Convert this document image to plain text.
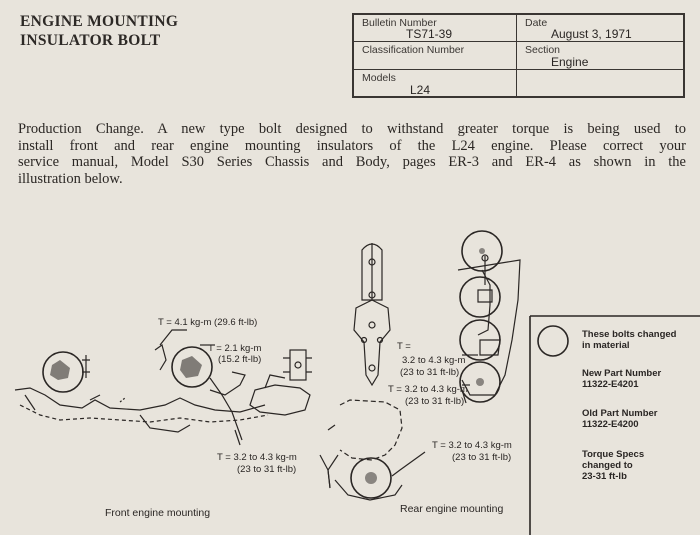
ENGINE MOUNTING
INSULATOR BOLT
Bulletin Number
TS71-39
Date
August 3, 1971
Classification Number	Section
Engine
Models
L24
Production Change. A new type bolt designed to withstand greater torque is being used to
install front and rear engine mounting insulators of the L24 engine. Please correct your
service manual, Model S30 Series Chassis and Body, pages ER-3 and ER-4 as shown in the
illustration below.
T = 4.1 kg-m (29.6 ft-lb)
T = 2.1 kg-m
(15.2 ft-lb)
T = 3.2 to 4.3 kg-m
(23 to 31 ft-lb)
T =
3.2 to 4.3 kg-m
(23 to 31 ft-lb)
T = 3.2 to 4.3 kg-m
(23 to 31 ft-lb)
T = 3.2 to 4.3 kg-m
(23 to 31 ft-lb)
Front engine mounting	Rear engine mounting
These bolts changed
in material
New Part Number
11322-E4201
Old Part Number
11322-E4200
Torque Specs
changed to
23-31 ft-lb
